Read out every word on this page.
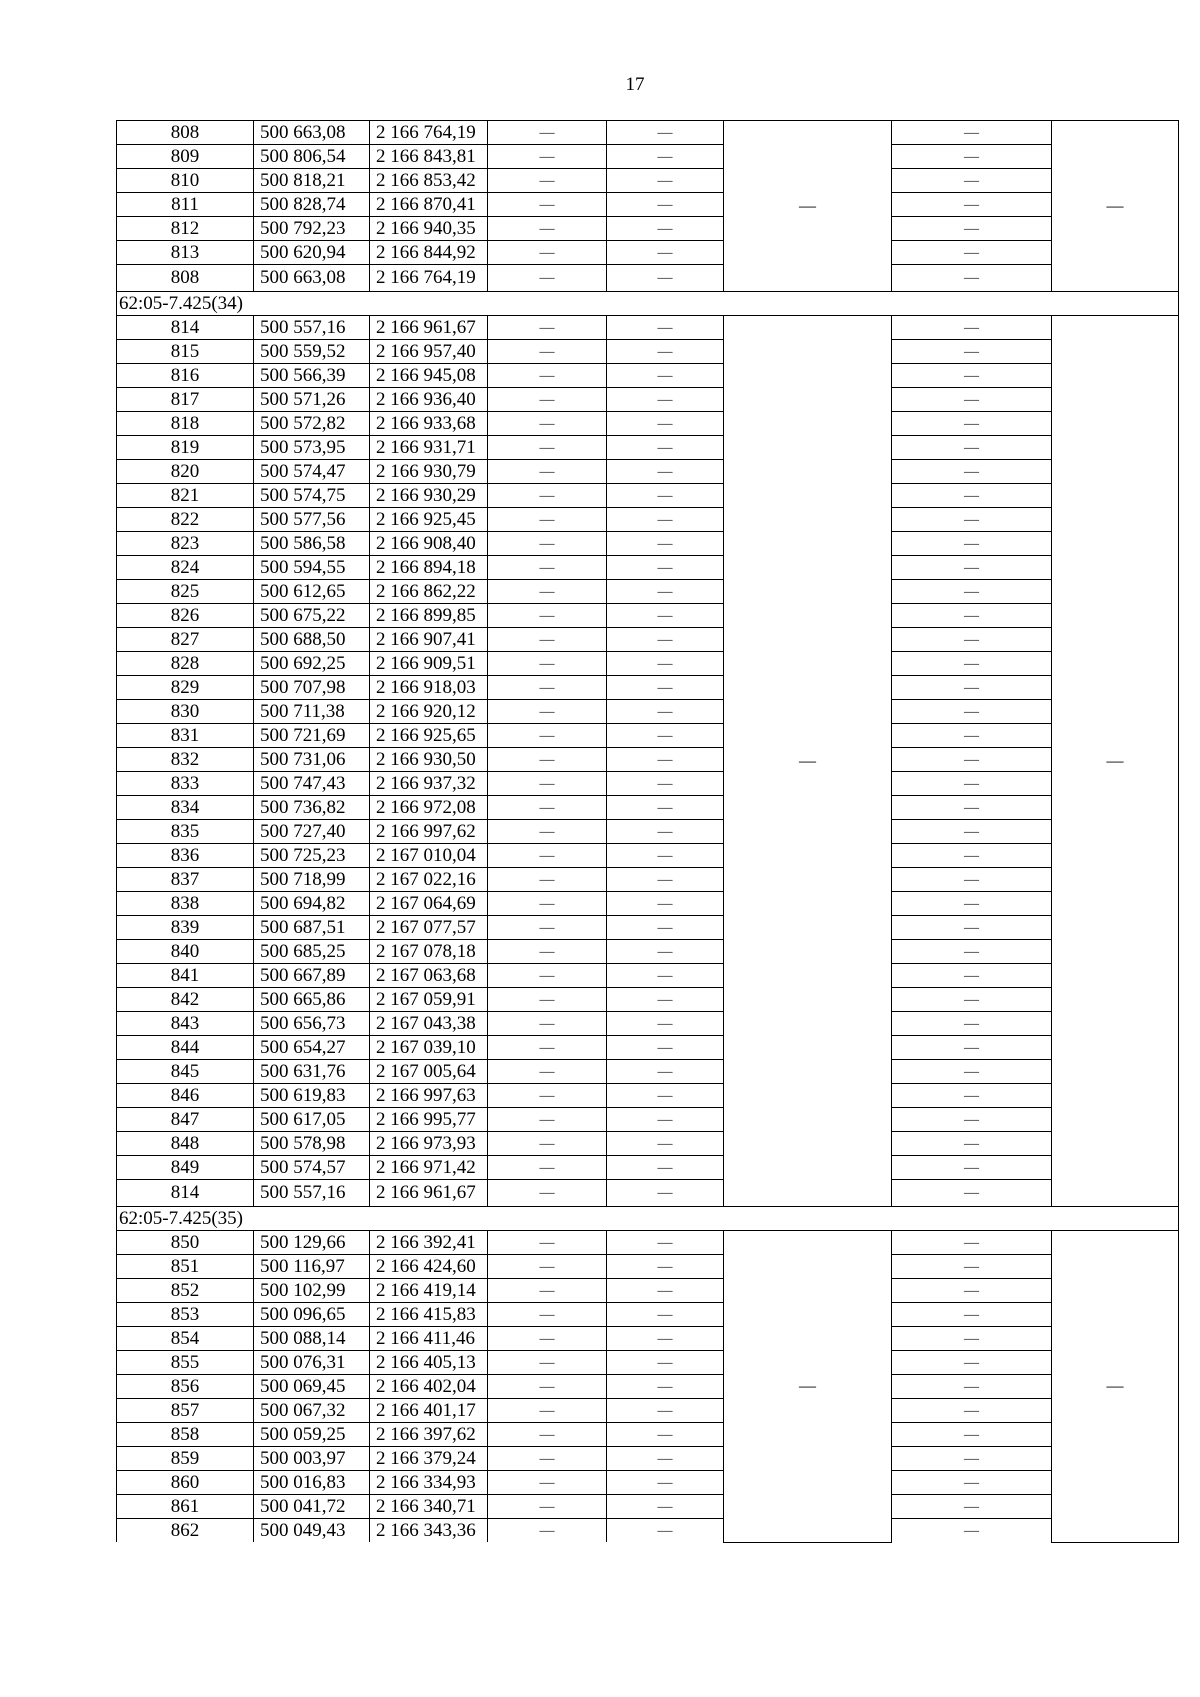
17
808	500 663,08	2 166 764,19	—	—	—	—	—
809	500 806,54	2 166 843,81	—	—		—	
810	500 818,21	2 166 853,42	—	—		—	
811	500 828,74	2 166 870,41	—	—		—	
812	500 792,23	2 166 940,35	—	—		—	
813	500 620,94	2 166 844,92	—	—		—	
808	500 663,08	2 166 764,19	—	—		—	
62:05-7.425(34)							
814	500 557,16	2 166 961,67	—	—	—	—	—
815	500 559,52	2 166 957,40	—	—		—	
816	500 566,39	2 166 945,08	—	—		—	
817	500 571,26	2 166 936,40	—	—		—	
818	500 572,82	2 166 933,68	—	—		—	
819	500 573,95	2 166 931,71	—	—		—	
820	500 574,47	2 166 930,79	—	—		—	
821	500 574,75	2 166 930,29	—	—		—	
822	500 577,56	2 166 925,45	—	—		—	
823	500 586,58	2 166 908,40	—	—		—	
824	500 594,55	2 166 894,18	—	—		—	
825	500 612,65	2 166 862,22	—	—		—	
826	500 675,22	2 166 899,85	—	—		—	
827	500 688,50	2 166 907,41	—	—		—	
828	500 692,25	2 166 909,51	—	—		—	
829	500 707,98	2 166 918,03	—	—		—	
830	500 711,38	2 166 920,12	—	—		—	
831	500 721,69	2 166 925,65	—	—		—	
832	500 731,06	2 166 930,50	—	—		—	
833	500 747,43	2 166 937,32	—	—		—	
834	500 736,82	2 166 972,08	—	—		—	
835	500 727,40	2 166 997,62	—	—		—	
836	500 725,23	2 167 010,04	—	—		—	
837	500 718,99	2 167 022,16	—	—		—	
838	500 694,82	2 167 064,69	—	—		—	
839	500 687,51	2 167 077,57	—	—		—	
840	500 685,25	2 167 078,18	—	—		—	
841	500 667,89	2 167 063,68	—	—		—	
842	500 665,86	2 167 059,91	—	—		—	
843	500 656,73	2 167 043,38	—	—		—	
844	500 654,27	2 167 039,10	—	—		—	
845	500 631,76	2 167 005,64	—	—		—	
846	500 619,83	2 166 997,63	—	—		—	
847	500 617,05	2 166 995,77	—	—		—	
848	500 578,98	2 166 973,93	—	—		—	
849	500 574,57	2 166 971,42	—	—		—	
814	500 557,16	2 166 961,67	—	—		—	
62:05-7.425(35)							
850	500 129,66	2 166 392,41	—	—	—	—	—
851	500 116,97	2 166 424,60	—	—		—	
852	500 102,99	2 166 419,14	—	—		—	
853	500 096,65	2 166 415,83	—	—		—	
854	500 088,14	2 166 411,46	—	—		—	
855	500 076,31	2 166 405,13	—	—		—	
856	500 069,45	2 166 402,04	—	—		—	
857	500 067,32	2 166 401,17	—	—		—	
858	500 059,25	2 166 397,62	—	—		—	
859	500 003,97	2 166 379,24	—	—		—	
860	500 016,83	2 166 334,93	—	—		—	
861	500 041,72	2 166 340,71	—	—		—	
862	500 049,43	2 166 343,36	—	—		—	
